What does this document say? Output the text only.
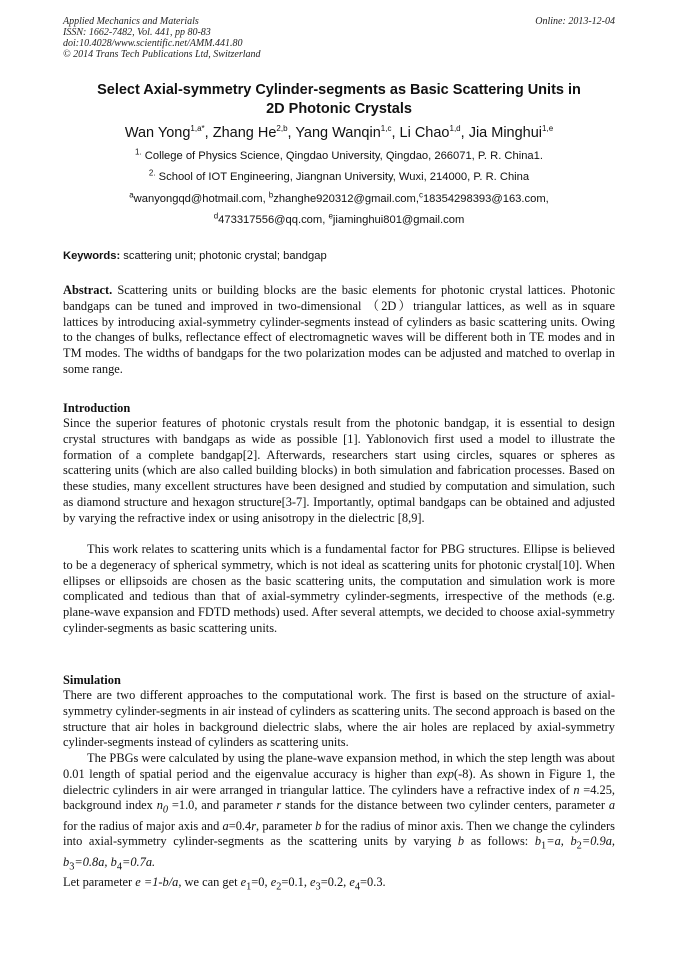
Applied Mechanics and Materials
ISSN: 1662-7482, Vol. 441, pp 80-83
doi:10.4028/www.scientific.net/AMM.441.80
© 2014 Trans Tech Publications Ltd, Switzerland
Online: 2013-12-04
Select Axial-symmetry Cylinder-segments as Basic Scattering Units in
2D Photonic Crystals
Wan Yong$^{1,a*}$, Zhang He$^{2,b}$, Yang Wanqin$^{1,c}$, Li Chao$^{1,d}$, Jia Minghui$^{1,e}$
$^{1.}$ College of Physics Science, Qingdao University, Qingdao, 266071, P. R. China1.
$^{2.}$ School of IOT Engineering, Jiangnan University, Wuxi, 214000, P. R. China
$^a$wanyongqd@hotmail.com, $^b$zhanghe920312@gmail.com,$^c$18354298393@163.com,
$^d$473317556@qq.com, $^e$jiaminghui801@gmail.com
Keywords: scattering unit; photonic crystal; bandgap
Abstract. Scattering units or building blocks are the basic elements for photonic crystal lattices. Photonic bandgaps can be tuned and improved in two-dimensional （2D）triangular lattices, as well as in square lattices by introducing axial-symmetry cylinder-segments instead of cylinders as basic scattering units. Owing to the changes of bulks, reflectance effect of electromagnetic waves will be different both in TE modes and in TM modes. The widths of bandgaps for the two polarization modes can be adjusted and matched to overlap in some range.
Introduction
Since the superior features of photonic crystals result from the photonic bandgap, it is essential to design crystal structures with bandgaps as wide as possible [1]. Yablonovich first used a model to illustrate the formation of a complete bandgap[2]. Afterwards, researchers start using circles, squares or spheres as scattering units (which are also called building blocks) in both simulation and fabrication processes. Based on these studies, many excellent structures have been designed and studied by computation and simulation, such as diamond structure and hexagon structure[3-7]. Importantly, optimal bandgaps can be obtained and adjusted by varying the refractive index or using anisotropy in the dielectric [8,9].
This work relates to scattering units which is a fundamental factor for PBG structures. Ellipse is believed to be a degeneracy of spherical symmetry, which is not ideal as scattering units for photonic crystal[10]. When ellipses or ellipsoids are chosen as the basic scattering units, the computation and simulation work is more complicated and tedious than that of axial-symmetry cylinder-segments, irrespective of the methods (e.g. plane-wave expansion and FDTD methods) used. After several attempts, we decided to choose axial-symmetry cylinder-segments as basic scattering units.
Simulation
There are two different approaches to the computational work. The first is based on the structure of axial-symmetry cylinder-segments in air instead of cylinders as scattering units. The second approach is based on the structure that air holes in background dielectric slabs, where the air holes are replaced by axial-symmetry cylinder-segments instead of cylinders as scattering units.
The PBGs were calculated by using the plane-wave expansion method, in which the step length was about 0.01 length of spatial period and the eigenvalue accuracy is higher than exp(-8). As shown in Figure 1, the dielectric cylinders in air were arranged in triangular lattice. The cylinders have a refractive index of n =4.25, background index $n_0 =1.0$, and parameter r stands for the distance between two cylinder centers, parameter a for the radius of major axis and a=0.4r, parameter b for the radius of minor axis. Then we change the cylinders into axial-symmetry cylinder-segments as the scattering units by varying b as follows: $b_1=a$, $b_2=0.9a$, $b_3=0.8a$, $b_4=0.7a$.
Let parameter e =1-b/a, we can get $e_1=0$, $e_2=0.1$, $e_3=0.2$, $e_4=0.3$.
